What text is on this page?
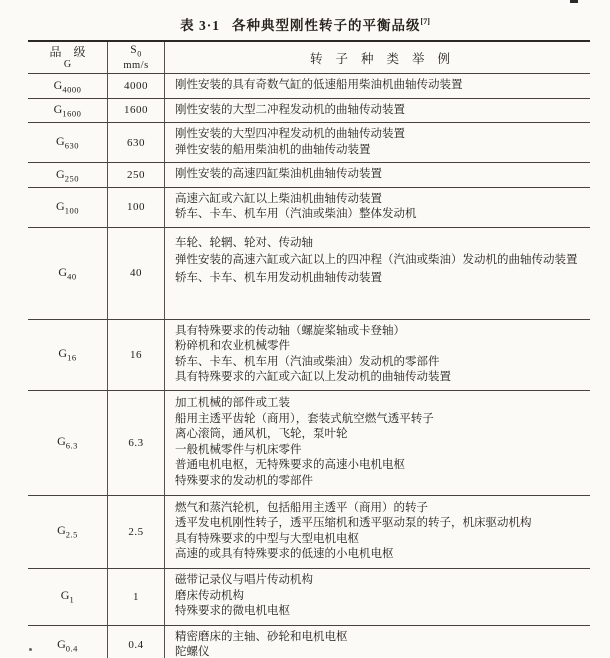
表 3·1 各种典型刚性转子的平衡品级[7]
品　级
G
$S_0$
mm/s
转子种类举例
$G_{4000}$	4000 刚性安装的具有奇数气缸的低速船用柴油机曲轴传动装置
$G_{1600}$	1600 刚性安装的大型二冲程发动机的曲轴传动装置
$G_{630}$	630
刚性安装的大型四冲程发动机的曲轴传动装置
弹性安装的船用柴油机的曲轴传动装置
$G_{250}$	250	刚性安装的高速四缸柴油机曲轴传动装置
$G_{100}$	100
高速六缸或六缸以上柴油机曲轴传动装置
轿车、卡车、机车用（汽油或柴油）整体发动机
$G_{40}$	40
车轮、轮辋、轮对、传动轴
弹性安装的高速六缸或六缸以上的四冲程（汽油或柴油）发动机的曲轴传动装置
轿车、卡车、机车用发动机曲轴传动装置
$G_{16}$	16
具有特殊要求的传动轴（螺旋桨轴或卡登轴）
粉碎机和农业机械零件
轿车、卡车、机车用（汽油或柴油）发动机的零部件
具有特殊要求的六缸或六缸以上发动机的曲轴传动装置
$G_{6.3}$	6.3
加工机械的部件或工装
船用主透平齿轮（商用），套装式航空燃气透平转子
离心滚筒，通风机，飞轮，泵叶轮
一般机械零件与机床零件
普通电机电枢，无特殊要求的高速小电机电枢
特殊要求的发动机的零部件
$G_{2.5}$	2.5
燃气和蒸汽轮机，包括船用主透平（商用）的转子
透平发电机刚性转子，透平压缩机和透平驱动泵的转子，机床驱动机构
具有特殊要求的中型与大型电机电枢
高速的或具有特殊要求的低速的小电机电枢
$G_1$	1
磁带记录仪与唱片传动机构
磨床传动机构
特殊要求的微电机电枢
$G_{0.4}$	0.4
精密磨床的主轴、砂轮和电机电枢
陀螺仪
